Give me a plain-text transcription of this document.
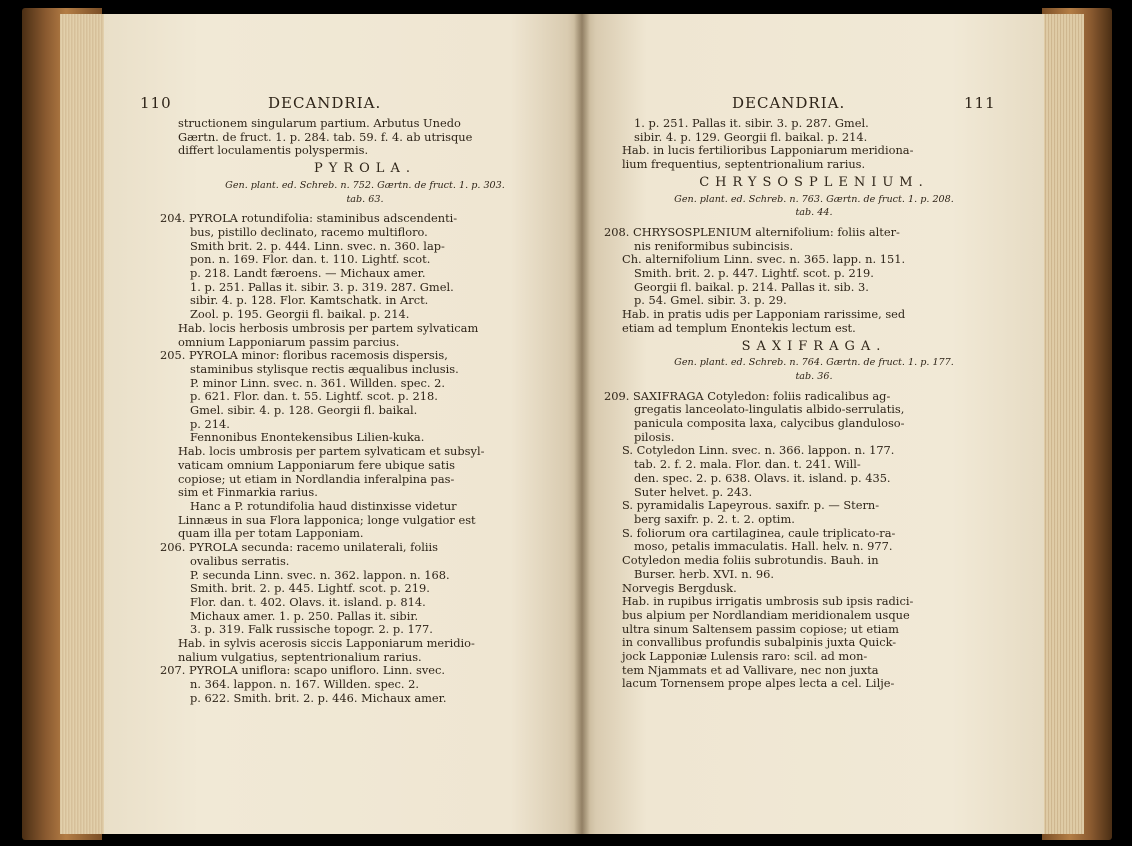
110	DECANDRIA.

structionem singularum partium. Arbutus Unedo

Gærtn. de fruct. 1. p. 284. tab. 59. f. 4. ab utrisque

differt loculamentis polyspermis.

PYROLA.

Gen. plant. ed. Schreb. n. 752. Gærtn. de fruct. 1. p. 303.

tab. 63.

204. PYROLA rotundifolia: staminibus adscendenti-

bus, pistillo declinato, racemo multifloro.

Smith brit. 2. p. 444. Linn. svec. n. 360. lap-

pon. n. 169. Flor. dan. t. 110. Lightf. scot.

p. 218. Landt færoens. — Michaux amer.

1. p. 251. Pallas it. sibir. 3. p. 319. 287. Gmel.

sibir. 4. p. 128. Flor. Kamtschatk. in Arct.

Zool. p. 195. Georgii fl. baikal. p. 214.

Hab. locis herbosis umbrosis per partem sylvaticam

omnium Lapponiarum passim parcius.

205. PYROLA minor: floribus racemosis dispersis,

staminibus stylisque rectis æqualibus inclusis.

P. minor Linn. svec. n. 361. Willden. spec. 2.

p. 621. Flor. dan. t. 55. Lightf. scot. p. 218.

Gmel. sibir. 4. p. 128. Georgii fl. baikal.

p. 214.

Fennonibus Enontekensibus Lilien-kuka.

Hab. locis umbrosis per partem sylvaticam et subsyl-

vaticam omnium Lapponiarum fere ubique satis

copiose; ut etiam in Nordlandia inferalpina pas-

sim et Finmarkia rarius.

Hanc a P. rotundifolia haud distinxisse videtur

Linnæus in sua Flora lapponica; longe vulgatior est

quam illa per totam Lapponiam.

206. PYROLA secunda: racemo unilaterali, foliis

ovalibus serratis.

P. secunda Linn. svec. n. 362. lappon. n. 168.

Smith. brit. 2. p. 445. Lightf. scot. p. 219.

Flor. dan. t. 402. Olavs. it. island. p. 814.

Michaux amer. 1. p. 250. Pallas it. sibir.

3. p. 319. Falk russische topogr. 2. p. 177.

Hab. in sylvis acerosis siccis Lapponiarum meridio-

nalium vulgatius, septentrionalium rarius.

207. PYROLA uniflora: scapo unifloro. Linn. svec.

n. 364. lappon. n. 167. Willden. spec. 2.

p. 622. Smith. brit. 2. p. 446. Michaux amer.

DECANDRIA.	111

1. p. 251. Pallas it. sibir. 3. p. 287. Gmel.

sibir. 4. p. 129. Georgii fl. baikal. p. 214.

Hab. in lucis fertilioribus Lapponiarum meridiona-

lium frequentius, septentrionalium rarius.

CHRYSOSPLENIUM.

Gen. plant. ed. Schreb. n. 763. Gærtn. de fruct. 1. p. 208.

tab. 44.

208. CHRYSOSPLENIUM alternifolium: foliis alter-

nis reniformibus subincisis.

Ch. alternifolium Linn. svec. n. 365. lapp. n. 151.

Smith. brit. 2. p. 447. Lightf. scot. p. 219.

Georgii fl. baikal. p. 214. Pallas it. sib. 3.

p. 54. Gmel. sibir. 3. p. 29.

Hab. in pratis udis per Lapponiam rarissime, sed

etiam ad templum Enontekis lectum est.

SAXIFRAGA.

Gen. plant. ed. Schreb. n. 764. Gærtn. de fruct. 1. p. 177.

tab. 36.

209. SAXIFRAGA Cotyledon: foliis radicalibus ag-

gregatis lanceolato-lingulatis albido-serrulatis,

panicula composita laxa, calycibus glanduloso-

pilosis.

S. Cotyledon Linn. svec. n. 366. lappon. n. 177.

tab. 2. f. 2. mala. Flor. dan. t. 241. Will-

den. spec. 2. p. 638. Olavs. it. island. p. 435.

Suter helvet. p. 243.

S. pyramidalis Lapeyrous. saxifr. p. — Stern-

berg saxifr. p. 2. t. 2. optim.

S. foliorum ora cartilaginea, caule triplicato-ra-

moso, petalis immaculatis. Hall. helv. n. 977.

Cotyledon media foliis subrotundis. Bauh. in

Burser. herb. XVI. n. 96.

Norvegis Bergdusk.

Hab. in rupibus irrigatis umbrosis sub ipsis radici-

bus alpium per Nordlandiam meridionalem usque

ultra sinum Saltensem passim copiose; ut etiam

in convallibus profundis subalpinis juxta Quick-

jock Lapponiæ Lulensis raro: scil. ad mon-

tem Njammats et ad Vallivare, nec non juxta

lacum Tornensem prope alpes lecta a cel. Lilje-
